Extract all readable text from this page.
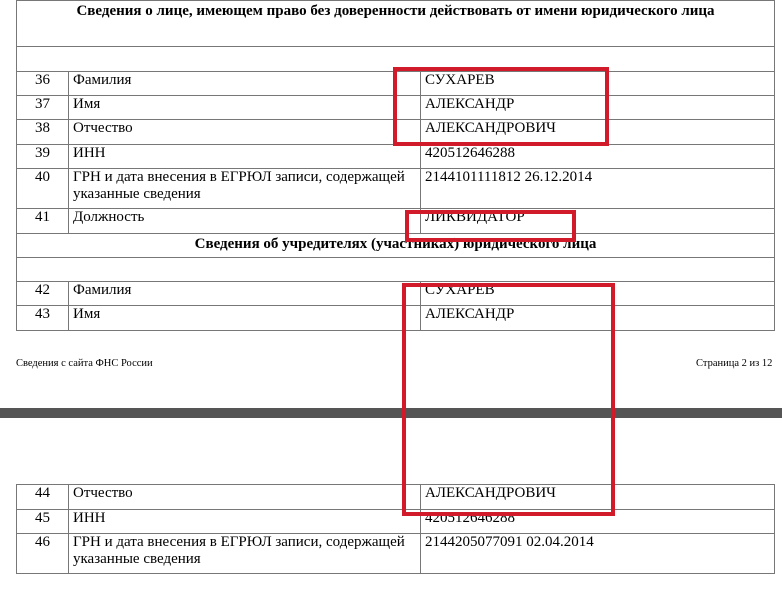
Сведения о лице, имеющем право без доверенности действовать от имени юридического лица		

36	Фамилия	СУХАРЕВ
37	Имя	АЛЕКСАНДР
38	Отчество	АЛЕКСАНДРОВИЧ
39	ИНН	420512646288
40	ГРН и дата внесения в ЕГРЮЛ записи, содержащей указанные сведения	2144101111812 26.12.2014
41	Должность	ЛИКВИДАТОР
Сведения об учредителях (участниках) юридического лица		

42	Фамилия	СУХАРЕВ
43	Имя	АЛЕКСАНДР
Сведения с сайта ФНС России	Страница 2 из 12
44	Отчество	АЛЕКСАНДРОВИЧ
45	ИНН	420512646288
46	ГРН и дата внесения в ЕГРЮЛ записи, содержащей указанные сведения	2144205077091 02.04.2014
